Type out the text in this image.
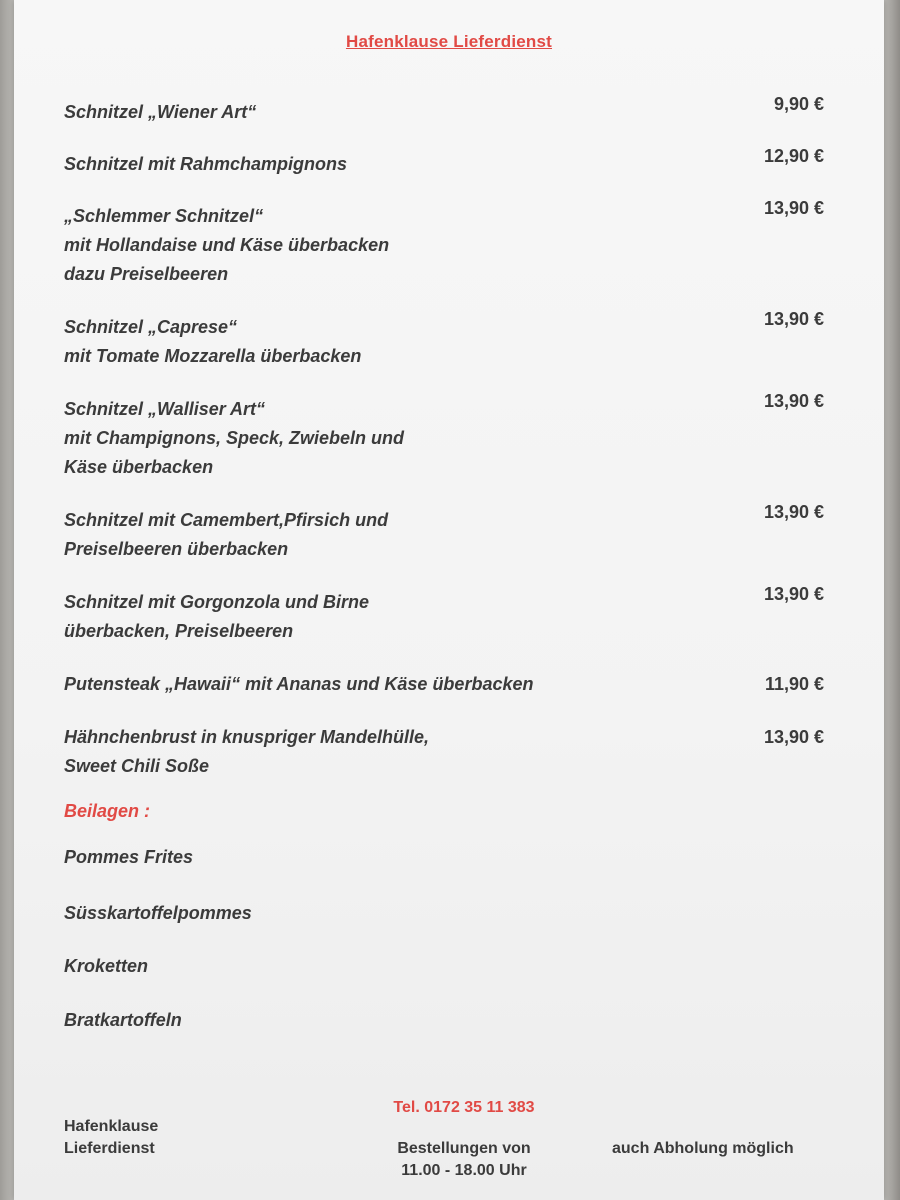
Hafenklause Lieferdienst
Schnitzel „Wiener Art“	9,90 €
Schnitzel mit Rahmchampignons	12,90 €
„Schlemmer Schnitzel“
mit Hollandaise und Käse überbacken
dazu Preiselbeeren
13,90 €
Schnitzel „Caprese“
mit Tomate Mozzarella überbacken
13,90 €
Schnitzel „Walliser Art“
mit Champignons, Speck, Zwiebeln und
Käse überbacken
13,90 €
Schnitzel mit Camembert,Pfirsich und
Preiselbeeren überbacken
13,90 €
Schnitzel mit Gorgonzola und Birne
überbacken, Preiselbeeren
13,90 €
Putensteak „Hawaii“ mit Ananas und Käse überbacken	11,90 €
Hähnchenbrust in knuspriger Mandelhülle,
Sweet Chili Soße
13,90 €
Beilagen :
Pommes Frites
Süsskartoffelpommes
Kroketten
Bratkartoffeln
Hafenklause
Lieferdienst
Tel. 0172 35 11 383
Bestellungen von
11.00 - 18.00 Uhr
auch Abholung möglich
